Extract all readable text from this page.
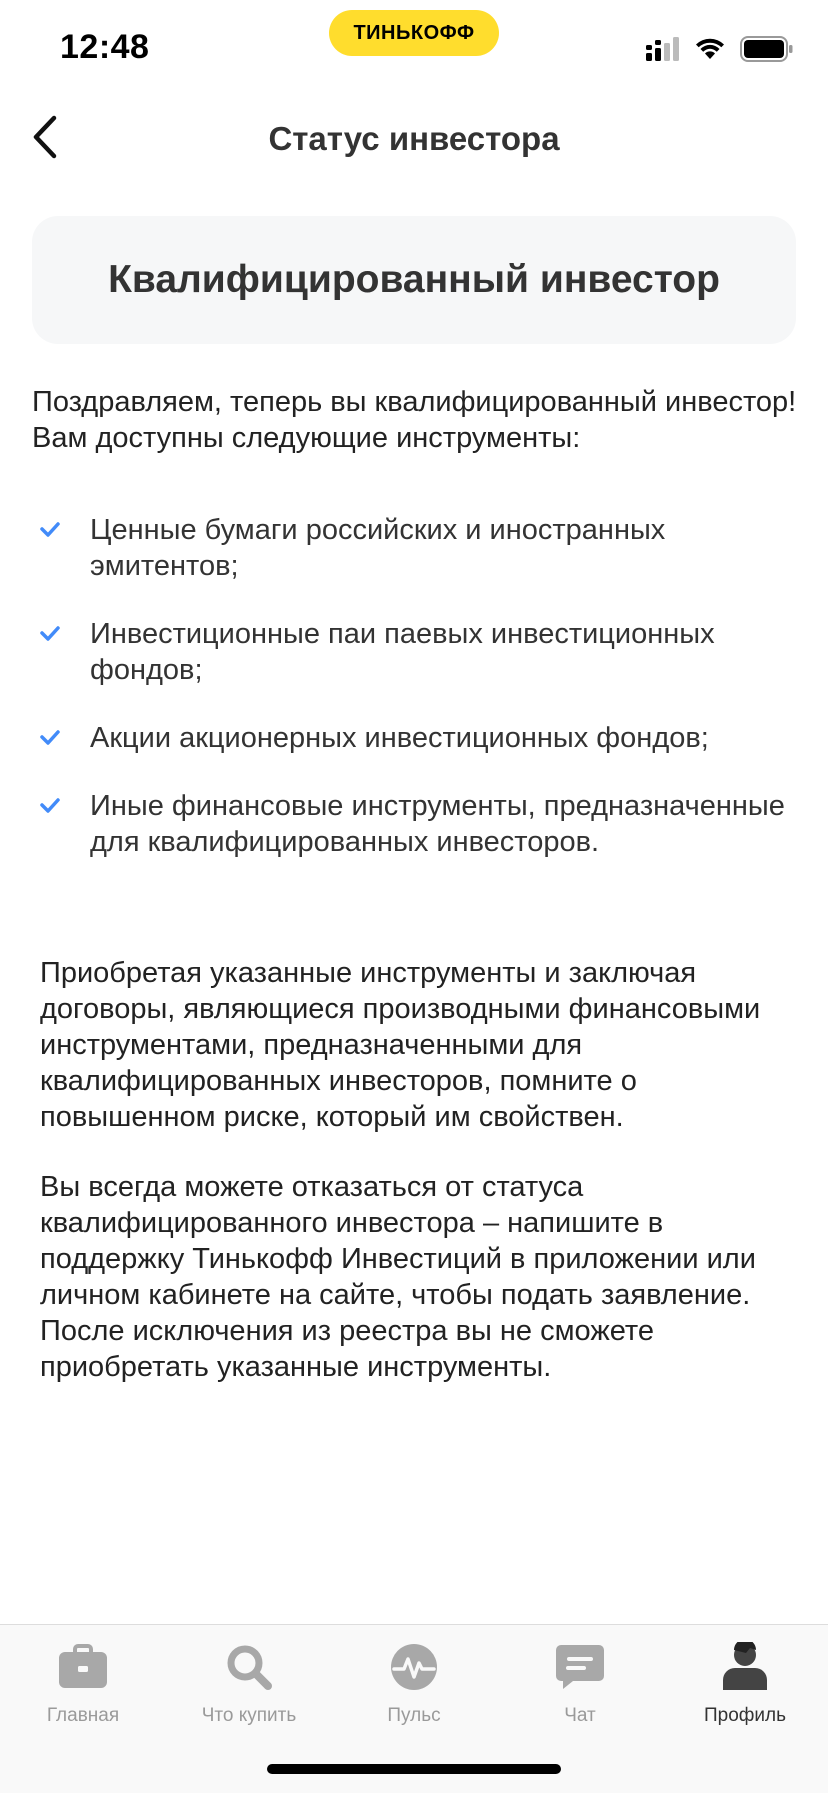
12:48	ТИНЬКОФФ
Статус инвестора
Квалифицированный инвестор
Поздравляем, теперь вы квалифицированный инвестор! Вам доступны следующие инструменты:
Ценные бумаги российских и иностранных эмитентов;
Инвестиционные паи паевых инвестиционных фондов;
Акции акционерных инвестиционных фондов;
Иные финансовые инструменты, предназначенные для квалифицированных инвесторов.
Приобретая указанные инструменты и заключая договоры, являющиеся производными финансовыми инструментами, предназначенными для квалифицированных инвесторов, помните о повышенном риске, который им свойствен.
Вы всегда можете отказаться от статуса квалифицированного инвестора – напишите в поддержку Тинькофф Инвестиций в приложении или личном кабинете на сайте, чтобы подать заявление. После исключения из реестра вы не сможете приобретать указанные инструменты.
Главная	Что купить	Пульс	Чат	Профиль
